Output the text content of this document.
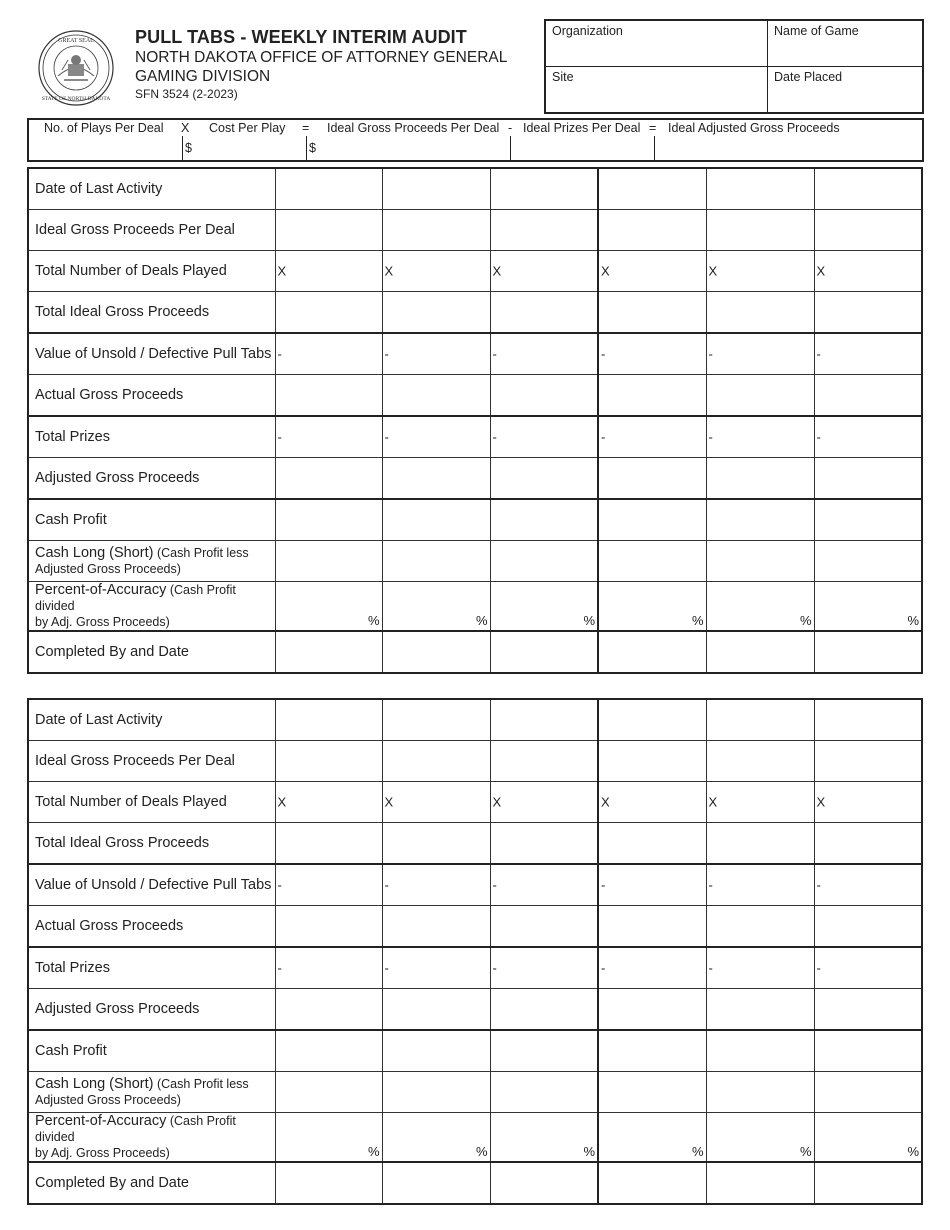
GREAT SEAL
STATE OF NORTH DAKOTA
PULL TABS - WEEKLY INTERIM AUDIT
NORTH DAKOTA OFFICE OF ATTORNEY GENERAL
GAMING DIVISION
SFN 3524 (2-2023)
Organization	Name of Game
Site	Date Placed
No. of Plays Per Deal X Cost Per Play = Ideal Gross Proceeds Per Deal - Ideal Prizes Per Deal = Ideal Adjusted Gross Proceeds
$	$
Date of Last Activity						
Ideal Gross Proceeds Per Deal						
Total Number of Deals Played	X	X	X	X	X	X

Total Ideal Gross Proceeds						
Value of Unsold / Defective Pull Tabs	-	-	-	-	-	-

Actual Gross Proceeds						
Total Prizes	-	-	-	-	-	-

Adjusted Gross Proceeds						
Cash Profit						

Cash Long (Short) (Cash Profit less
Adjusted Gross Proceeds)						

Percent-of-Accuracy (Cash Profit divided
by Adj. Gross Proceeds)	%	%	%	%	%	%

Completed By and Date						
Date of Last Activity						
Ideal Gross Proceeds Per Deal						
Total Number of Deals Played	X	X	X	X	X	X

Total Ideal Gross Proceeds						
Value of Unsold / Defective Pull Tabs	-	-	-	-	-	-

Actual Gross Proceeds						
Total Prizes	-	-	-	-	-	-

Adjusted Gross Proceeds						
Cash Profit						

Cash Long (Short) (Cash Profit less
Adjusted Gross Proceeds)						

Percent-of-Accuracy (Cash Profit divided
by Adj. Gross Proceeds)	%	%	%	%	%	%

Completed By and Date						
